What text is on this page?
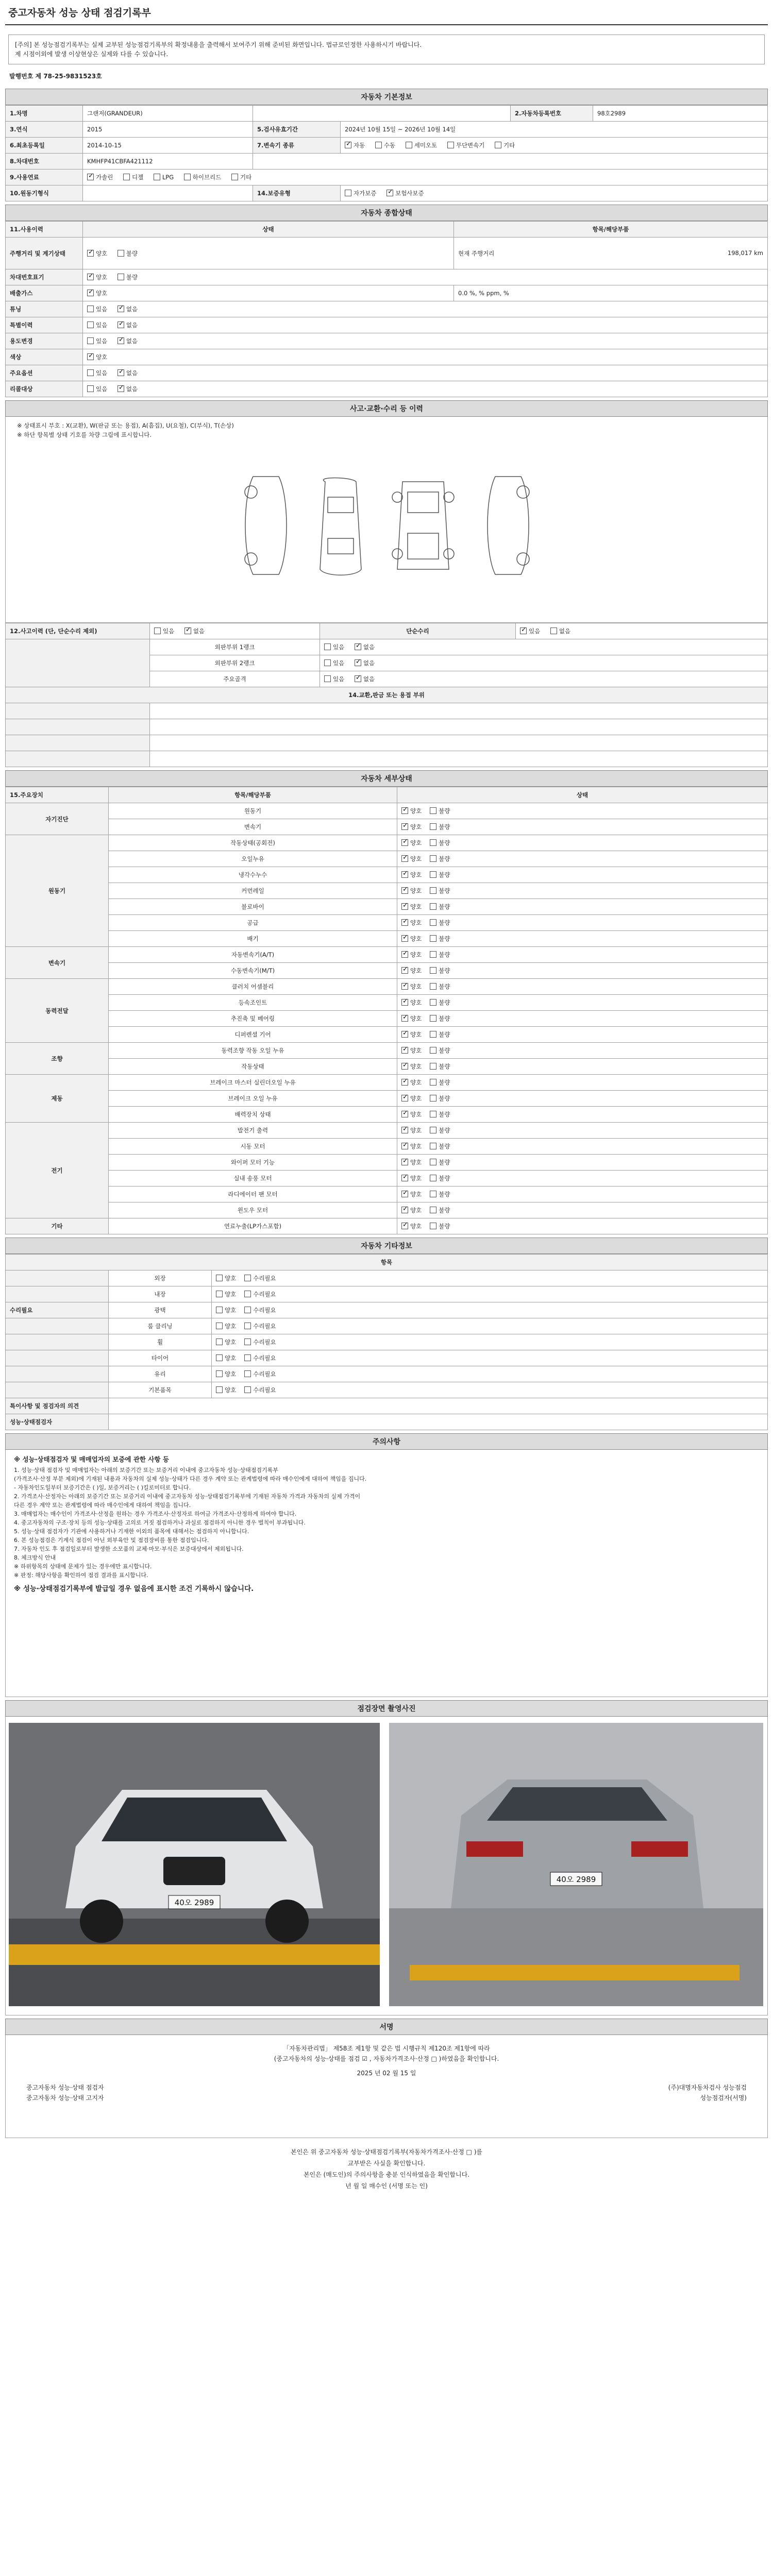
중고자동차 성능 상태 점검기록부
[주의] 본 성능점검기록부는 실제 교부된 성능점검기록부의 확정내용을 출력해서 보여주기 위해 준비된 화면입니다. 법규로인정한 사용하시기 바랍니다.
제 시점이외에 발생 이상현상은 실제와 다를 수 있습니다.
발행번호 제 78-25-9831523호
자동차 기본정보
1.차명	그랜저(GRANDEUR)			2.자동차등록번호	98호2989
3.연식	2015	5.검사유효기간	2024년 10월 15일 ~ 2026년 10월 14일		
6.최초등록일	2014-10-15	7.변속기 종류	✓자동 수동 세미오토 무단변속기 기타
8.차대번호	KMHFP41CBFA421112				
9.사용연료	✓가솔린 디젤 LPG 하이브리드 기타
10.원동기형식		14.보증유형	자가보증 ✓ 보험사보증
자동차 종합상태
11.사용이력	상태	항목/해당부품
주행거리 및 계기상태	✓양호 불량	현재 주행거리 198,017 km

차대번호표기	✓양호 불량
배출가스	✓양호	0.0 %, % ppm, %
튜닝	있음 ✓ 없음
특별이력	있음 ✓ 없음
용도변경	있음 ✓ 없음
색상	✓양호
주요옵션	있음 ✓ 없음
리콜대상	있음 ✓ 없음
사고·교환·수리 등 이력
※ 상태표시 부호 : X(교환), W(판금 또는 용접), A(흠집), U(요철), C(부식), T(손상)
※ 하단 항목별 상태 기호를 차량 그림에 표시합니다.
12.사고이력 (단, 단순수리 제외)	있음 ✓ 없음	단순수리	✓있음 없음
	외판부위 1랭크	있음 ✓ 없음
	외판부위 2랭크	있음 ✓ 없음
	주요골격	있음 ✓ 없음
14.교환,판금 또는 용접 부위			

자동차 세부상태
15.주요장치	항목/해당부품	상태
자기진단	원동기	✓양호 불량
	변속기	✓양호 불량
원동기	작동상태(공회전)	✓양호 불량
	오일누유	✓양호 불량
	냉각수누수	✓양호 불량
	커먼레일	✓양호 불량
	블로바이	✓양호 불량
	공급	✓양호 불량
	배기	✓양호 불량
변속기	자동변속기(A/T)	✓양호 불량
	수동변속기(M/T)	✓양호 불량
동력전달	클러치 어셈블리	✓양호 불량
	등속조인트	✓양호 불량
	추진축 및 베어링	✓양호 불량
	디퍼렌셜 기어	✓양호 불량
조향	동력조향 작동 오일 누유	✓양호 불량
	작동상태	✓양호 불량
제동	브레이크 마스터 실린더오일 누유	✓양호 불량
	브레이크 오일 누유	✓양호 불량
	배력장치 상태	✓양호 불량
전기	발전기 출력	✓양호 불량
	시동 모터	✓양호 불량
	와이퍼 모터 기능	✓양호 불량
	실내 송풍 모터	✓양호 불량
	라디에이터 팬 모터	✓양호 불량
	윈도우 모터	✓양호 불량
기타	연료누출(LP가스포함)	✓양호 불량
자동차 기타정보
항목		
	외장	양호 수리필요
	내장	양호 수리필요
수리필요	광택	양호 수리필요
	룸 클리닝	양호 수리필요
	휠	양호 수리필요
	타이어	양호 수리필요
	유리	양호 수리필요
	기본품목	양호 수리필요
특이사항 및 점검자의 의견		
성능·상태점검자		
주의사항
※ 성능·상태점검자 및 매매업자의 보증에 관한 사항 등
1. 성능·상태 점검자 및 매매업자는 아래의 보증기간 또는 보증거리 이내에 중고자동차 성능·상태점검기록부
(가격조사·산정 부분 제외)에 기재된 내용과 자동차의 실제 성능·상태가 다른 경우 계약 또는 관계법령에 따라 매수인에게 대하여 책임을 집니다.
- 자동차인도일부터 보증기간은 ( )일, 보증거리는 ( )킬로미터로 합니다.
2. 가격조사·산정자는 아래의 보증기간 또는 보증거리 이내에 중고자동차 성능·상태점검기록부에 기재된 자동차 가격과 자동차의 실제 가격이
다른 경우 계약 또는 관계법령에 따라 매수인에게 대하여 책임을 집니다.
3. 매매업자는 매수인이 가격조사·산정을 원하는 경우 가격조사·산정자로 하여금 가격조사·산정하게 하여야 합니다.
4. 중고자동차의 구조·장치 등의 성능·상태를 고의로 거짓 점검하거나 과실로 점검하지 아니한 경우 벌칙이 부과됩니다.
5. 성능·상태 점검자가 기관에 사용하거나 기재한 이외의 품목에 대해서는 점검하지 아니합니다.
6. 본 성능점검은 기계식 점검이 아닌 외부육안 및 점검장비를 통한 점검입니다.
7. 자동차 인도 후 점검일로부터 발생한 소모품의 교체·마모·부식은 보증대상에서 제외됩니다.
8. 체크방식 안내
※ 하위항목의 상태에 문제가 있는 경우에만 표시합니다.
※ 판정: 해당사항을 확인하여 점검 결과를 표시합니다.
※ 성능·상태점검기록부에 발급일 경우 없음에 표시한 조건 기록하시 않습니다.
점검장면 촬영사진
40오 2989
40오 2989
서명
「자동차관리법」 제58조 제1항 및 같은 법 시행규칙 제120조 제1항에 따라
(중고자동차의 성능·상태를 점검 ☑ , 자동차가격조사·산정 □ )하였음을 확인합니다.
2025 년 02 월 15 일
중고자동차 성능·상태 점검자	(주)대명자동차검사 성능점검
중고자동차 성능·상태 고지자	성능점검자(서명)
본인은 위 중고자동차 성능·상태점검기록부(자동차가격조사·산정 □ )를
교부받은 사실을 확인합니다.
본인은 (매도인)의 주의사항을 충분 인식하였음을 확인합니다.
년 월 일 매수인 (서명 또는 인)
